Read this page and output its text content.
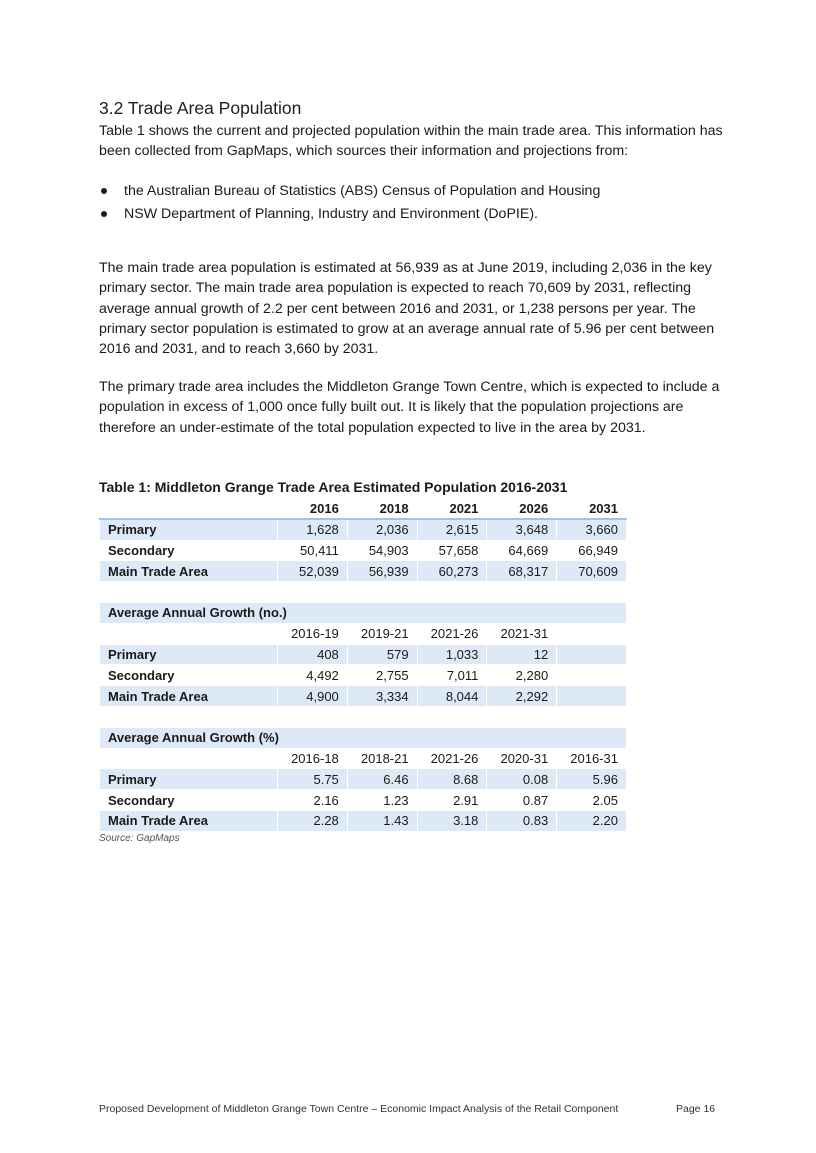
3.2 Trade Area Population

Table 1 shows the current and projected population within the main trade area. This information has been collected from GapMaps, which sources their information and projections from:

the Australian Bureau of Statistics (ABS) Census of Population and Housing
NSW Department of Planning, Industry and Environment (DoPIE).

The main trade area population is estimated at 56,939 as at June 2019, including 2,036 in the key primary sector. The main trade area population is expected to reach 70,609 by 2031, reflecting average annual growth of 2.2 per cent between 2016 and 2031, or 1,238 persons per year. The primary sector population is estimated to grow at an average annual rate of 5.96 per cent between 2016 and 2031, and to reach 3,660 by 2031.

The primary trade area includes the Middleton Grange Town Centre, which is expected to include a population in excess of 1,000 once fully built out. It is likely that the population projections are therefore an under-estimate of the total population expected to live in the area by 2031.

Table 1: Middleton Grange Trade Area Estimated Population 2016-2031

	2016	2018	2021	2026	2031
Primary	1,628	2,036	2,615	3,648	3,660
Secondary	50,411	54,903	57,658	64,669	66,949
Main Trade Area	52,039	56,939	60,273	68,317	70,609

Average Annual Growth (no.)					
	2016-19	2019-21	2021-26	2021-31	
Primary	408	579	1,033	12	
Secondary	4,492	2,755	7,011	2,280	
Main Trade Area	4,900	3,334	8,044	2,292	

Average Annual Growth (%)					
	2016-18	2018-21	2021-26	2020-31	2016-31
Primary	5.75	6.46	8.68	0.08	5.96
Secondary	2.16	1.23	2.91	0.87	2.05
Main Trade Area	2.28	1.43	3.18	0.83	2.20

Source: GapMaps

Proposed Development of Middleton Grange Town Centre – Economic Impact Analysis of the Retail Component	Page 16
